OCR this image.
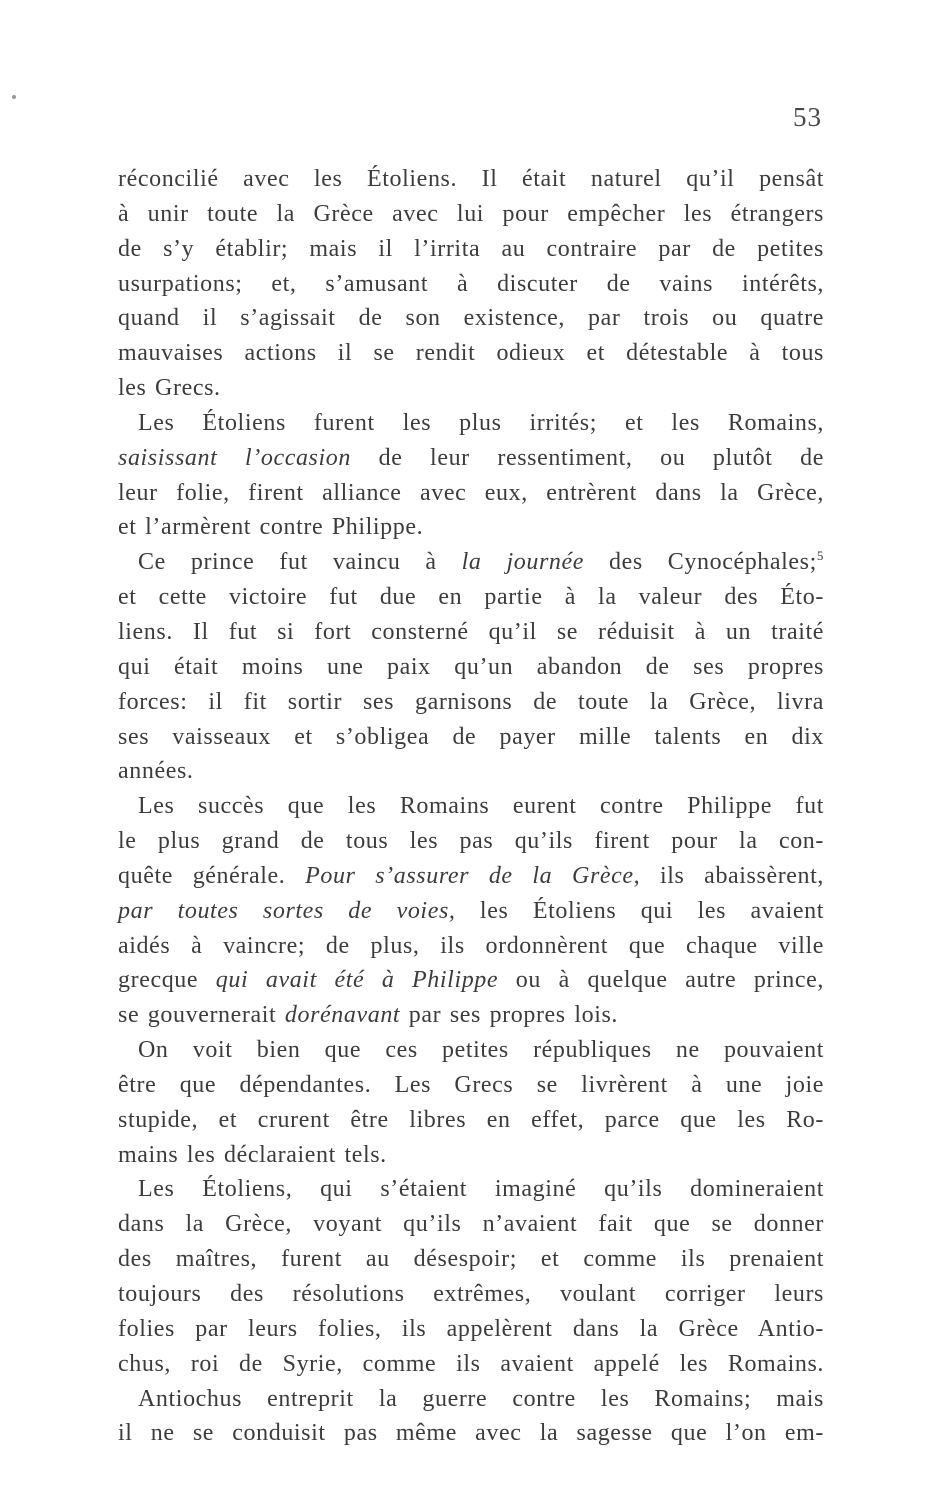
53
réconcilié avec les Étoliens. Il était naturel qu’il pensât
à unir toute la Grèce avec lui pour empêcher les étrangers
de s’y établir; mais il l’irrita au contraire par de petites
usurpations; et, s’amusant à discuter de vains intérêts,
quand il s’agissait de son existence, par trois ou quatre
mauvaises actions il se rendit odieux et détestable à tous
les Grecs.
Les Étoliens furent les plus irrités; et les Romains,
saisissant l’occasion de leur ressentiment, ou plutôt de
leur folie, firent alliance avec eux, entrèrent dans la Grèce,
et l’armèrent contre Philippe.
Ce prince fut vaincu à la journée des Cynocéphales;$^5$
et cette victoire fut due en partie à la valeur des Éto-
liens. Il fut si fort consterné qu’il se réduisit à un traité
qui était moins une paix qu’un abandon de ses propres
forces: il fit sortir ses garnisons de toute la Grèce, livra
ses vaisseaux et s’obligea de payer mille talents en dix
années.
Les succès que les Romains eurent contre Philippe fut
le plus grand de tous les pas qu’ils firent pour la con-
quête générale. Pour s’assurer de la Grèce, ils abaissèrent,
par toutes sortes de voies, les Étoliens qui les avaient
aidés à vaincre; de plus, ils ordonnèrent que chaque ville
grecque qui avait été à Philippe ou à quelque autre prince,
se gouvernerait dorénavant par ses propres lois.
On voit bien que ces petites républiques ne pouvaient
être que dépendantes. Les Grecs se livrèrent à une joie
stupide, et crurent être libres en effet, parce que les Ro-
mains les déclaraient tels.
Les Étoliens, qui s’étaient imaginé qu’ils domineraient
dans la Grèce, voyant qu’ils n’avaient fait que se donner
des maîtres, furent au désespoir; et comme ils prenaient
toujours des résolutions extrêmes, voulant corriger leurs
folies par leurs folies, ils appelèrent dans la Grèce Antio-
chus, roi de Syrie, comme ils avaient appelé les Romains.
Antiochus entreprit la guerre contre les Romains; mais
il ne se conduisit pas même avec la sagesse que l’on em-
